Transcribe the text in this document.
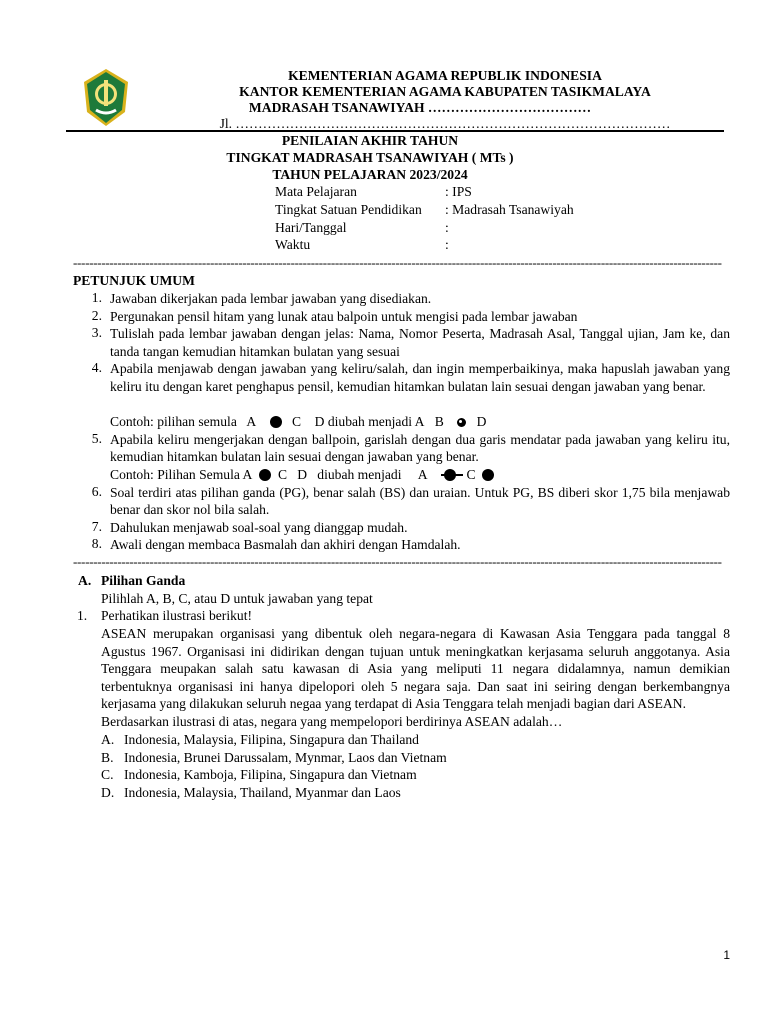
KEMENTERIAN AGAMA REPUBLIK INDONESIA
KANTOR KEMENTERIAN AGAMA KABUPATEN TASIKMALAYA
MADRASAH TSANAWIYAH ………………………………
Jl. ……………………………………………………………………………………
PENILAIAN AKHIR TAHUN
TINGKAT MADRASAH TSANAWIYAH ( MTs )
TAHUN PELAJARAN 2023/2024
Mata Pelajaran	: IPS
Tingkat Satuan Pendidikan : Madrasah Tsanawiyah
Hari/Tanggal	:
Waktu	:
-----------------------------------------------------------------------------------------------------------------------------------------------------------------
PETUNJUK UMUM
1. Jawaban dikerjakan pada lembar jawaban yang disediakan.
2. Pergunakan pensil hitam yang lunak atau balpoin untuk mengisi pada lembar jawaban
3. Tulislah pada lembar jawaban dengan jelas: Nama, Nomor Peserta, Madrasah Asal, Tanggal ujian, Jam ke, dan tanda tangan kemudian hitamkan bulatan yang sesuai
4. Apabila menjawab dengan jawaban yang keliru/salah, dan ingin memperbaikinya, maka hapuslah jawaban yang keliru itu dengan karet penghapus pensil, kemudian hitamkan bulatan lain sesuai dengan jawaban yang benar.
Contoh: pilihan semula A	C D diubah menjadi A B D
5. Apabila keliru mengerjakan dengan ballpoin, garislah dengan dua garis mendatar pada jawaban yang keliru itu, kemudian hitamkan bulatan lain sesuai dengan jawaban yang benar.
Contoh: Pilihan Semula A C D diubah menjadi A	C
6. Soal terdiri atas pilihan ganda (PG), benar salah (BS) dan uraian. Untuk PG, BS diberi skor 1,75 bila menjawab benar dan skor nol bila salah.
7. Dahulukan menjawab soal-soal yang dianggap mudah.
8. Awali dengan membaca Basmalah dan akhiri dengan Hamdalah.
-----------------------------------------------------------------------------------------------------------------------------------------------------------------
A. Pilihan Ganda
Pilihlah A, B, C, atau D untuk jawaban yang tepat
1. Perhatikan ilustrasi berikut!
ASEAN merupakan organisasi yang dibentuk oleh negara-negara di Kawasan Asia Tenggara pada tanggal 8 Agustus 1967. Organisasi ini didirikan dengan tujuan untuk meningkatkan kerjasama seluruh anggotanya. Asia Tenggara meupakan salah satu kawasan di Asia yang meliputi 11 negara didalamnya, namun demikian terbentuknya organisasi ini hanya dipelopori oleh 5 negara saja. Dan saat ini seiring dengan berkembangnya kerjasama yang dilakukan seluruh negaa yang terdapat di Asia Tenggara telah menjadi bagian dari ASEAN.
Berdasarkan ilustrasi di atas, negara yang mempelopori berdirinya ASEAN adalah…
A. Indonesia, Malaysia, Filipina, Singapura dan Thailand
B. Indonesia, Brunei Darussalam, Mynmar, Laos dan Vietnam
C. Indonesia, Kamboja, Filipina, Singapura dan Vietnam
D. Indonesia, Malaysia, Thailand, Myanmar dan Laos
1
